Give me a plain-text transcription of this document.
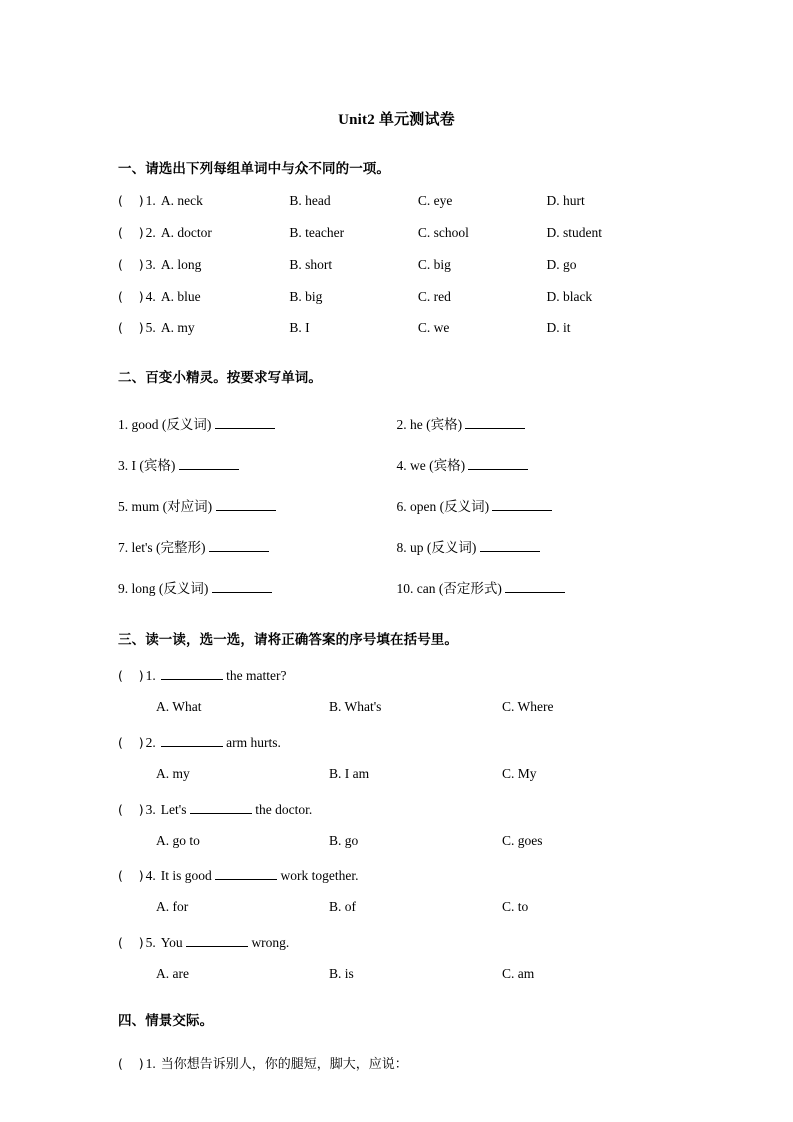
Unit2 单元测试卷
一、请选出下列每组单词中与众不同的一项。
(    ) 1. A. neck	B. head	C. eye	D. hurt
(    ) 2. A. doctor	B. teacher	C. school	D. student
(    ) 3. A. long	B. short	C. big	D. go
(    ) 4. A. blue	B. big	C. red	D. black
(    ) 5. A. my	B. I	C. we	D. it
二、百变小精灵。按要求写单词。
1. good (反义词)	2. he (宾格)
3. I (宾格)	4. we (宾格)
5. mum (对应词)	6. open (反义词)
7. let's (完整形)	8. up (反义词)
9. long (反义词)	10. can (否定形式)
三、读一读，选一选，请将正确答案的序号填在括号里。
(    ) 1.	the matter?
A. What	B. What's	C. Where
(    ) 2.	arm hurts.
A. my	B. I am	C. My
(    ) 3. Let's	the doctor.
A. go to	B. go	C. goes
(    ) 4. It is good	work together.
A. for	B. of	C. to
(    ) 5. You	wrong.
A. are	B. is	C. am
四、情景交际。
(    ) 1. 当你想告诉别人，你的腿短，脚大，应说：
